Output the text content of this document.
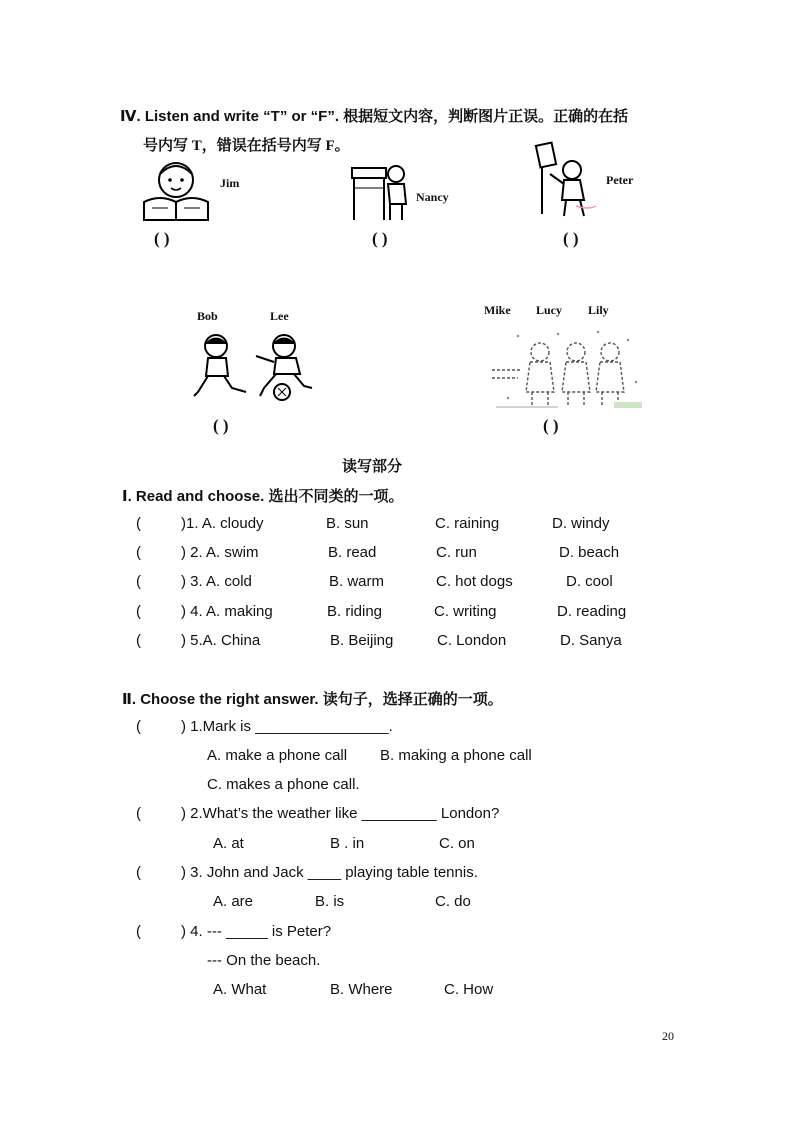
Ⅳ. Listen and write “T” or “F”. 根据短文内容，判断图片正误。正确的在括
号内写 T，错误在括号内写 F。
Jim
Nancy
Peter
( )	( )	( )
Bob	Lee	Mike Lucy Lily
( )	( )
读写部分
Ⅰ. Read and choose. 选出不同类的一项。
(	)1. A. cloudy	B. sun	C. raining	D. windy
(	) 2. A. swim	B. read	C. run	D. beach
(	) 3. A. cold	B. warm	C. hot dogs	D. cool
(	) 4. A. making	B. riding	C. writing	D. reading
(	) 5.A. China	B. Beijing	C. London	D. Sanya
Ⅱ. Choose the right answer. 读句子，选择正确的一项。
(	) 1.Mark is ________________.
A. make a phone call B. making a phone call
C. makes a phone call.
(	) 2.What’s the weather like _________ London?
A. at	B . in	C. on
(	) 3. John and Jack ____ playing table tennis.
A. are	B. is	C. do
(	) 4. --- _____ is Peter?
--- On the beach.
A. What	B. Where	C. How
20
